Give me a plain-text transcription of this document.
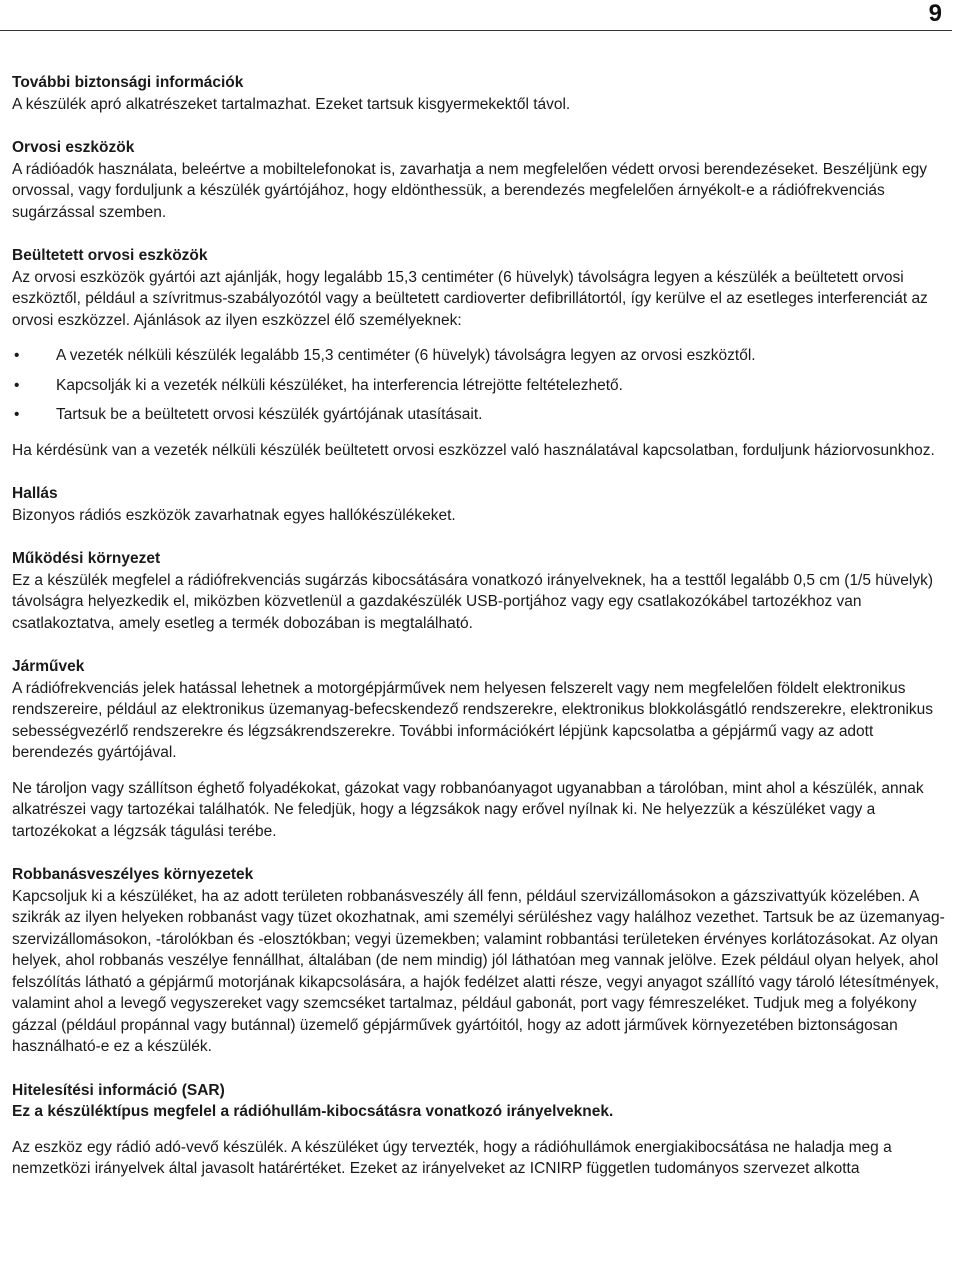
9

További biztonsági információk

A készülék apró alkatrészeket tartalmazhat. Ezeket tartsuk kisgyermekektől távol.

Orvosi eszközök

A rádióadók használata, beleértve a mobiltelefonokat is, zavarhatja a nem megfelelően védett orvosi berendezéseket. Beszéljünk egy orvossal, vagy forduljunk a készülék gyártójához, hogy eldönthessük, a berendezés megfelelően árnyékolt-e a rádiófrekvenciás sugárzással szemben.

Beültetett orvosi eszközök

Az orvosi eszközök gyártói azt ajánlják, hogy legalább 15,3 centiméter (6 hüvelyk) távolságra legyen a készülék a beültetett orvosi eszköztől, például a szívritmus-szabályozótól vagy a beültetett cardioverter defibrillátortól, így kerülve el az esetleges interferenciát az orvosi eszközzel. Ajánlások az ilyen eszközzel élő személyeknek:

• A vezeték nélküli készülék legalább 15,3 centiméter (6 hüvelyk) távolságra legyen az orvosi eszköztől.
• Kapcsolják ki a vezeték nélküli készüléket, ha interferencia létrejötte feltételezhető.
• Tartsuk be a beültetett orvosi készülék gyártójának utasításait.

Ha kérdésünk van a vezeték nélküli készülék beültetett orvosi eszközzel való használatával kapcsolatban, forduljunk háziorvosunkhoz.

Hallás

Bizonyos rádiós eszközök zavarhatnak egyes hallókészülékeket.

Működési környezet

Ez a készülék megfelel a rádiófrekvenciás sugárzás kibocsátására vonatkozó irányelveknek, ha a testtől legalább 0,5 cm (1/5 hüvelyk) távolságra helyezkedik el, miközben közvetlenül a gazdakészülék USB-portjához vagy egy csatlakozókábel tartozékhoz van csatlakoztatva, amely esetleg a termék dobozában is megtalálható.

Járművek

A rádiófrekvenciás jelek hatással lehetnek a motorgépjárművek nem helyesen felszerelt vagy nem megfelelően földelt elektronikus rendszereire, például az elektronikus üzemanyag-befecskendező rendszerekre, elektronikus blokkolásgátló rendszerekre, elektronikus sebességvezérlő rendszerekre és légzsákrendszerekre. További információkért lépjünk kapcsolatba a gépjármű vagy az adott berendezés gyártójával.

Ne tároljon vagy szállítson éghető folyadékokat, gázokat vagy robbanóanyagot ugyanabban a tárolóban, mint ahol a készülék, annak alkatrészei vagy tartozékai találhatók. Ne feledjük, hogy a légzsákok nagy erővel nyílnak ki. Ne helyezzük a készüléket vagy a tartozékokat a légzsák tágulási terébe.

Robbanásveszélyes környezetek

Kapcsoljuk ki a készüléket, ha az adott területen robbanásveszély áll fenn, például szervizállomásokon a gázszivattyúk közelében. A szikrák az ilyen helyeken robbanást vagy tüzet okozhatnak, ami személyi sérüléshez vagy halálhoz vezethet. Tartsuk be az üzemanyag-szervizállomásokon, -tárolókban és -elosztókban; vegyi üzemekben; valamint robbantási területeken érvényes korlátozásokat. Az olyan helyek, ahol robbanás veszélye fennállhat, általában (de nem mindig) jól láthatóan meg vannak jelölve. Ezek például olyan helyek, ahol felszólítás látható a gépjármű motorjának kikapcsolására, a hajók fedélzet alatti része, vegyi anyagot szállító vagy tároló létesítmények, valamint ahol a levegő vegyszereket vagy szemcséket tartalmaz, például gabonát, port vagy fémreszeléket. Tudjuk meg a folyékony gázzal (például propánnal vagy butánnal) üzemelő gépjárművek gyártóitól, hogy az adott járművek környezetében biztonságosan használható-e ez a készülék.

Hitelesítési információ (SAR)

Ez a készüléktípus megfelel a rádióhullám-kibocsátásra vonatkozó irányelveknek.

Az eszköz egy rádió adó-vevő készülék. A készüléket úgy tervezték, hogy a rádióhullámok energiakibocsátása ne haladja meg a nemzetközi irányelvek által javasolt határértéket. Ezeket az irányelveket az ICNIRP független tudományos szervezet alkotta
